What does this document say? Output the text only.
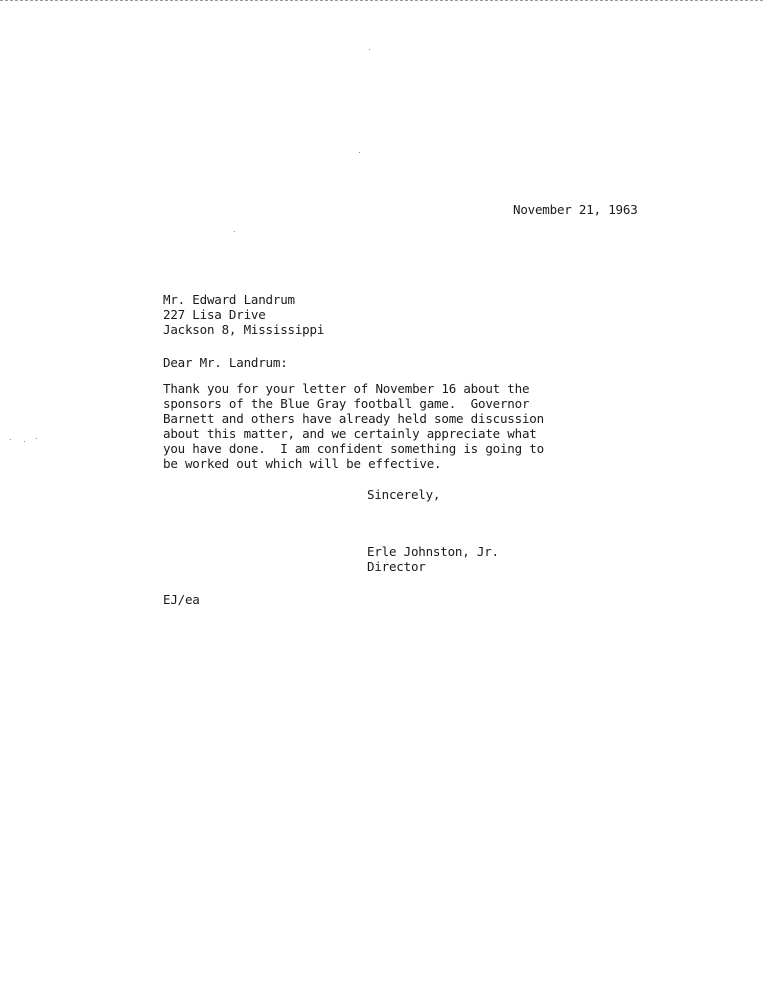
November 21, 1963
Mr. Edward Landrum
227 Lisa Drive
Jackson 8, Mississippi
Dear Mr. Landrum:
Thank you for your letter of November 16 about the
sponsors of the Blue Gray football game.  Governor
Barnett and others have already held some discussion
about this matter, and we certainly appreciate what
you have done.  I am confident something is going to
be worked out which will be effective.
Sincerely,
Erle Johnston, Jr.
Director
EJ/ea
